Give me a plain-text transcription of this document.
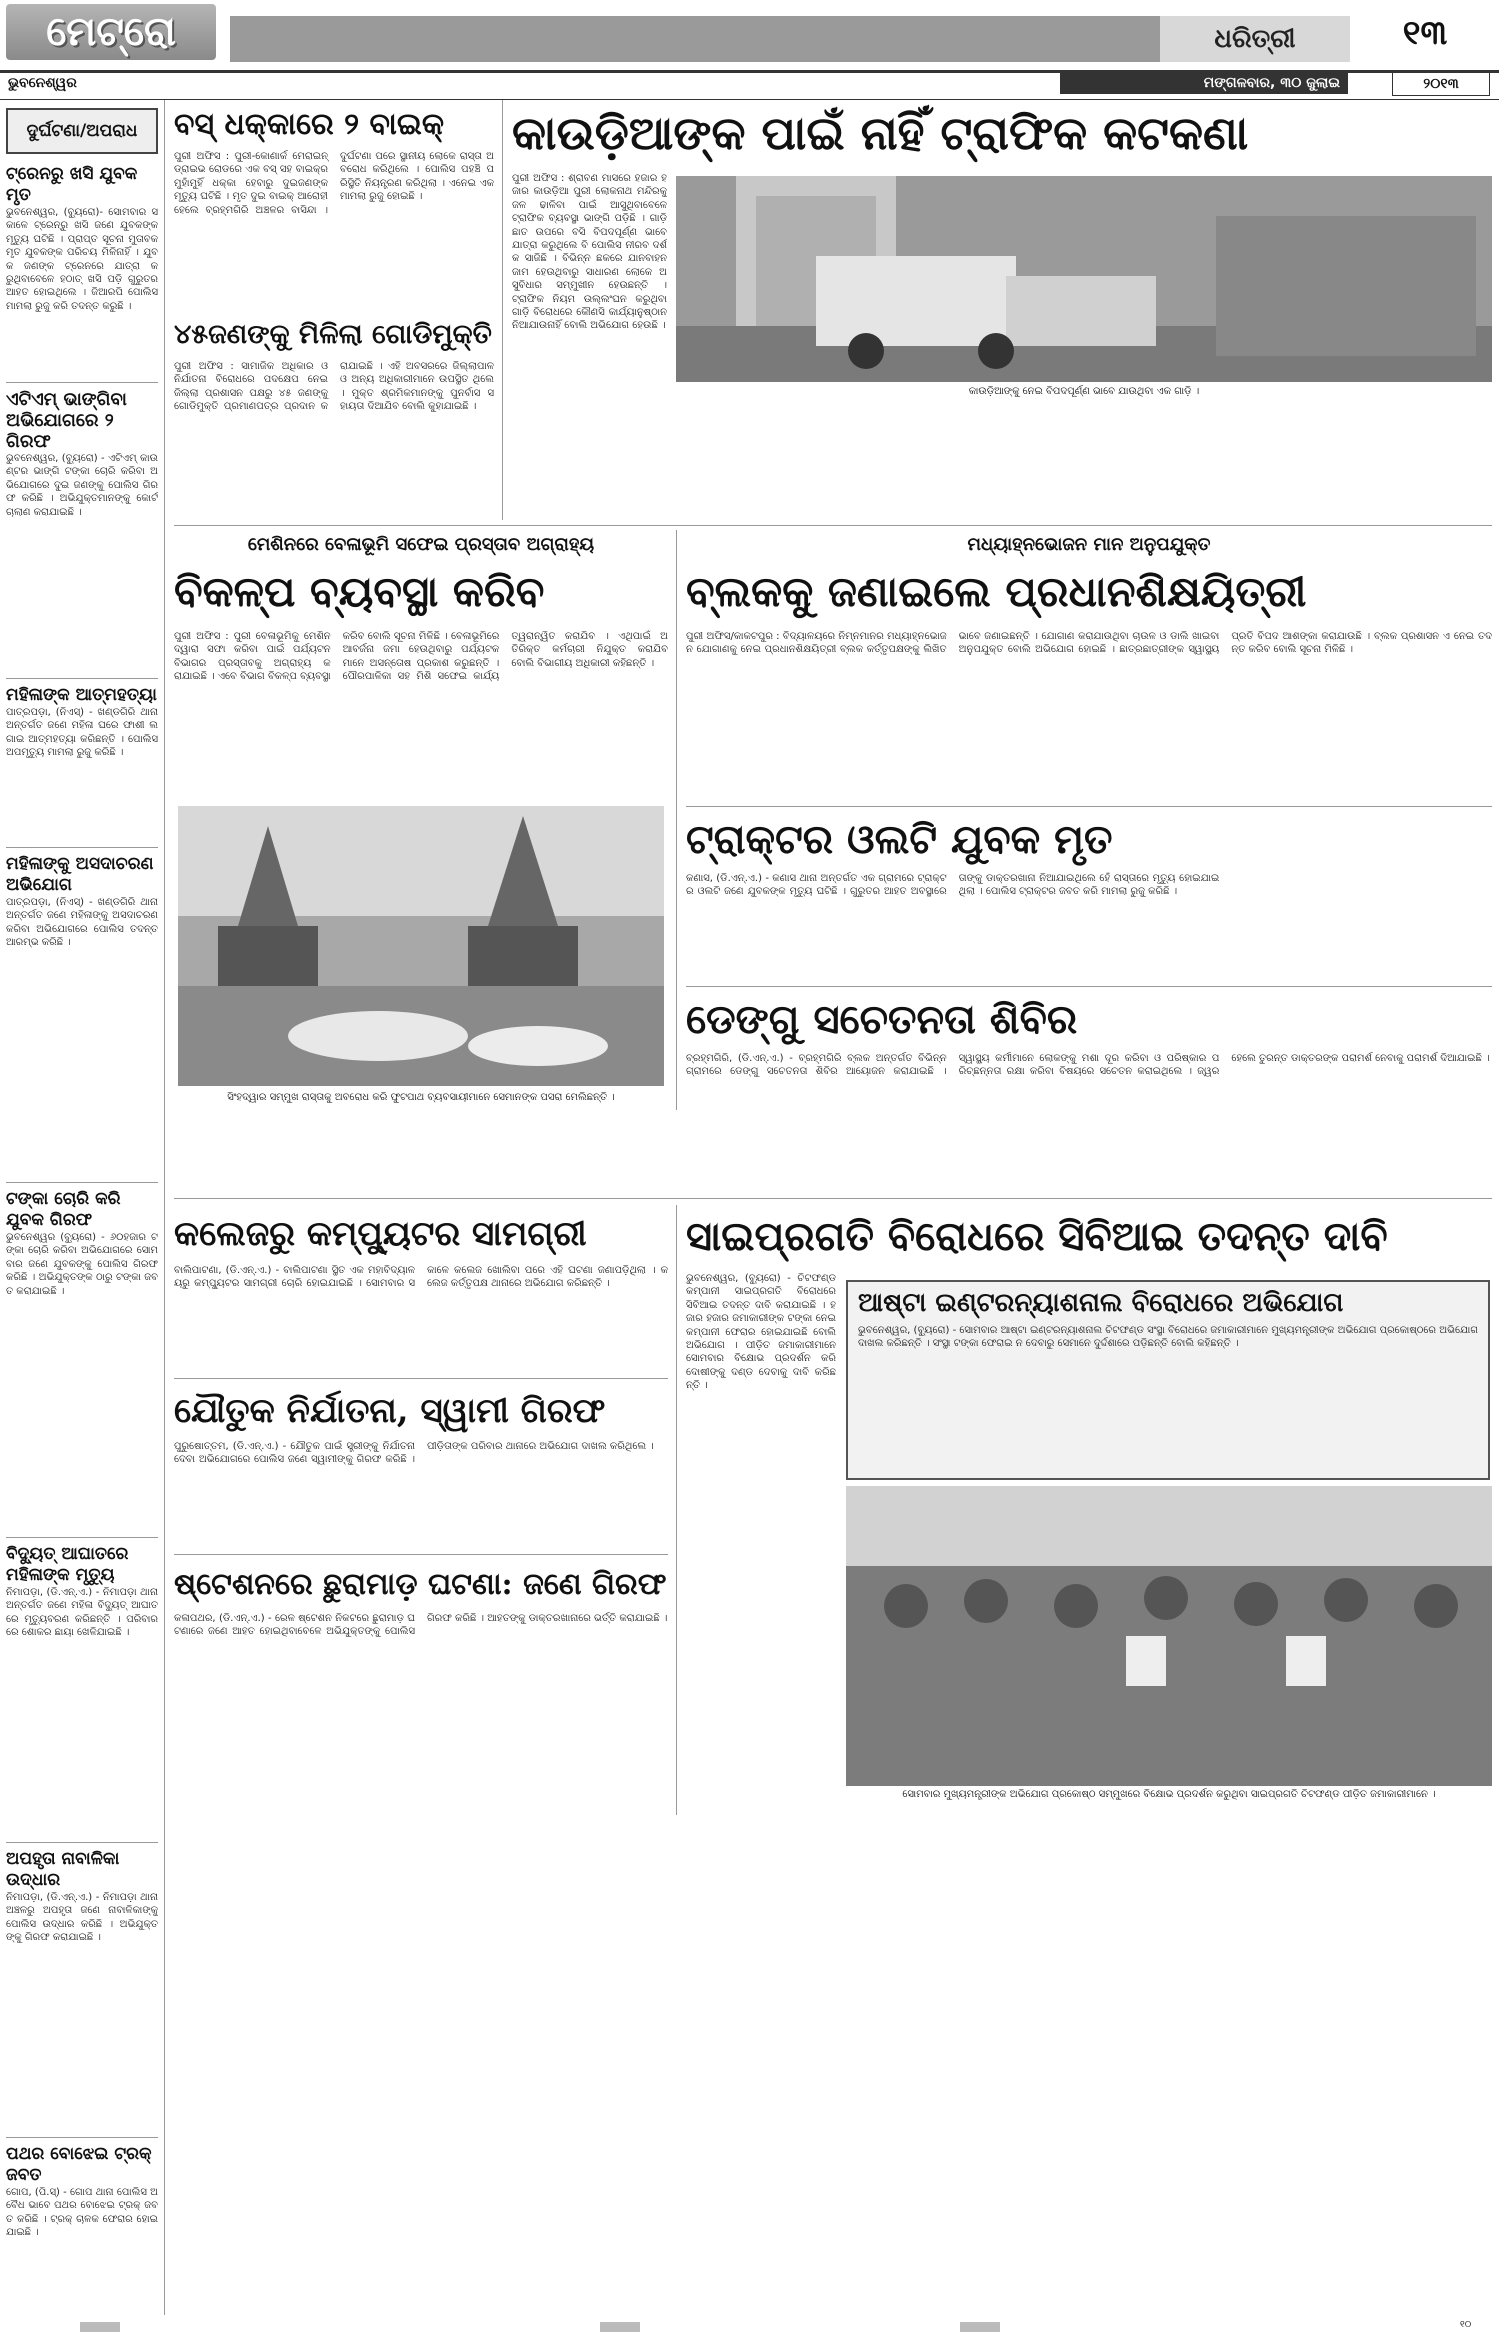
ମେଟ୍ରୋ	ଧରିତ୍ରୀ	୧୩
ଭୁବନେଶ୍ୱର	ମଙ୍ଗଳବାର, ୩୦ ଜୁଲାଇ	୨୦୧୩
ଦୁର୍ଘଟଣା/ଅପରାଧ
ଟ୍ରେନରୁ ଖସି ଯୁବକ ମୃତ
ଭୁବନେଶ୍ୱର, (ବ୍ୟୁରୋ)- ସୋମବାର ସକାଳେ ଟ୍ରେନ୍‌ରୁ ଖସି ଜଣେ ଯୁବକଙ୍କ ମୃତ୍ୟୁ ଘଟିଛି । ପ୍ରାପ୍ତ ସୂଚନା ମୁତାବକ ମୃତ ଯୁବକଙ୍କ ପରିଚୟ ମିଳିନାହିଁ । ଯୁବକ ଜଣଙ୍କ ଟ୍ରେନରେ ଯାତ୍ରା କରୁଥିବାବେଳେ ହଠାତ୍ ଖସି ପଡ଼ି ଗୁରୁତର ଆହତ ହୋଇଥିଲେ । ଜିଆରପି ପୋଲିସ ମାମଲା ରୁଜୁ କରି ତଦନ୍ତ କରୁଛି ।
ଏଟିଏମ୍ ଭାଙ୍ଗିବା ଅଭିଯୋଗରେ ୨ ଗିରଫ
ଭୁବନେଶ୍ୱର, (ବ୍ୟୁରୋ) - ଏଟିଏମ୍ କାଉଣ୍ଟର ଭାଙ୍ଗି ଟଙ୍କା ଚୋରି କରିବା ଅଭିଯୋଗରେ ଦୁଇ ଜଣଙ୍କୁ ପୋଲିସ ଗିରଫ କରିଛି । ଅଭିଯୁକ୍ତମାନଙ୍କୁ କୋର୍ଟ ଚାଲାଣ କରାଯାଇଛି ।
ମହିଳାଙ୍କ ଆତ୍ମହତ୍ୟା
ପାତ୍ରପଡ଼ା, (ନିଏସ୍) - ଖଣ୍ଡଗିରି ଥାନା ଅନ୍ତର୍ଗତ ଜଣେ ମହିଳା ଘରେ ଫାଶୀ ଲଗାଇ ଆତ୍ମହତ୍ୟା କରିଛନ୍ତି । ପୋଲିସ ଅପମୃତ୍ୟୁ ମାମଲା ରୁଜୁ କରିଛି ।
ମହିଳାଙ୍କୁ ଅସଦାଚରଣ ଅଭିଯୋଗ
ପାତ୍ରପଡ଼ା, (ନିଏସ୍) - ଖଣ୍ଡଗିରି ଥାନା ଅନ୍ତର୍ଗତ ଜଣେ ମହିଳାଙ୍କୁ ଅସଦାଚରଣ କରିବା ଅଭିଯୋଗରେ ପୋଲିସ ତଦନ୍ତ ଆରମ୍ଭ କରିଛି ।
ଟଙ୍କା ଚୋରି କରି ଯୁବକ ଗିରଫ
ଭୁବନେଶ୍ୱର (ବ୍ୟୁରୋ) - ୬୦ହଜାର ଟଙ୍କା ଚୋରି କରିବା ଅଭିଯୋଗରେ ସୋମବାର ଜଣେ ଯୁବକଙ୍କୁ ପୋଲିସ ଗିରଫ କରିଛି । ଅଭିଯୁକ୍ତଙ୍କ ଠାରୁ ଟଙ୍କା ଜବତ କରାଯାଇଛି ।
ବିଦ୍ୟୁତ୍ ଆଘାତରେ ମହିଳାଙ୍କ ମୃତ୍ୟୁ
ନିମାପଡ଼ା, (ଡି.ଏନ୍.ଏ.) - ନିମାପଡ଼ା ଥାନା ଅନ୍ତର୍ଗତ ଜଣେ ମହିଳା ବିଦ୍ୟୁତ୍ ଆଘାତରେ ମୃତ୍ୟୁବରଣ କରିଛନ୍ତି । ପରିବାରରେ ଶୋକର ଛାୟା ଖେଳିଯାଇଛି ।
ଅପହୃତା ନାବାଳିକା ଉଦ୍ଧାର
ନିମାପଡ଼ା, (ଡି.ଏନ୍.ଏ.) - ନିମାପଡ଼ା ଥାନା ଅଞ୍ଚଳରୁ ଅପହୃତା ଜଣେ ନାବାଳିକାଙ୍କୁ ପୋଲିସ ଉଦ୍ଧାର କରିଛି । ଅଭିଯୁକ୍ତଙ୍କୁ ଗିରଫ କରାଯାଇଛି ।
ପଥର ବୋଝେଇ ଟ୍ରକ୍ ଜବତ
ଗୋପ, (ପି.ସ୍) - ଗୋପ ଥାନା ପୋଲିସ ଅବୈଧ ଭାବେ ପଥର ବୋଝେଇ ଟ୍ରକ୍ ଜବତ କରିଛି । ଟ୍ରକ୍ ଚାଳକ ଫେରାର ହୋଇଯାଇଛି ।
ବସ୍ ଧକ୍କାରେ ୨ ବାଇକ୍
ପୁରୀ ଅଫିସ : ପୁରୀ-କୋଣାର୍କ ମେରାଇନ୍ ଡ୍ରାଇଭ ରୋଡରେ ଏକ ବସ୍ ସହ ବାଇକ୍‌ର ମୁହାଁମୁହିଁ ଧକ୍କା ହେବାରୁ ଦୁଇଜଣଙ୍କ ମୃତ୍ୟୁ ଘଟିଛି । ମୃତ ଦୁଇ ବାଇକ୍ ଆରୋହୀ ହେଲେ ବ୍ରହ୍ମଗିରି ଅଞ୍ଚଳର ବାସିନ୍ଦା । ଦୁର୍ଘଟଣା ପରେ ସ୍ଥାନୀୟ ଲୋକେ ରାସ୍ତା ଅବରୋଧ କରିଥିଲେ । ପୋଲିସ ପହଞ୍ଚି ପରିସ୍ଥିତି ନିୟନ୍ତ୍ରଣ କରିଥିଲା । ଏନେଇ ଏକ ମାମଲା ରୁଜୁ ହୋଇଛି ।
୪୫ଜଣଙ୍କୁ ମିଳିଲା ଗୋଡିମୁକ୍ତି
ପୁରୀ ଅଫିସ : ସାମାଜିକ ଅଧିକାର ଓ ନିର୍ଯାତନା ବିରୋଧରେ ପଦକ୍ଷେପ ନେଇ ଜିଲ୍ଲା ପ୍ରଶାସନ ପକ୍ଷରୁ ୪୫ ଜଣଙ୍କୁ ଗୋଡିମୁକ୍ତି ପ୍ରମାଣପତ୍ର ପ୍ରଦାନ କରାଯାଇଛି । ଏହି ଅବସରରେ ଜିଲ୍ଲାପାଳ ଓ ଅନ୍ୟ ଅଧିକାରୀମାନେ ଉପସ୍ଥିତ ଥିଲେ । ମୁକ୍ତ ଶ୍ରମିକମାନଙ୍କୁ ପୁନର୍ବାସ ସହାୟତା ଦିଆଯିବ ବୋଲି କୁହାଯାଇଛି ।
କାଉଡ଼ିଆଙ୍କ ପାଇଁ ନାହିଁ ଟ୍ରାଫିକ କଟକଣା
ପୁରୀ ଅଫିସ : ଶ୍ରାବଣ ମାସରେ ହଜାର ହଜାର କାଉଡ଼ିଆ ପୁରୀ ଲୋକନାଥ ମନ୍ଦିରକୁ ଜଳ ଢାଳିବା ପାଇଁ ଆସୁଥିବାବେଳେ ଟ୍ରାଫିକ ବ୍ୟବସ୍ଥା ଭାଙ୍ଗି ପଡ଼ିଛି । ଗାଡ଼ି ଛାତ ଉପରେ ବସି ବିପଦପୂର୍ଣ୍ଣ ଭାବେ ଯାତ୍ରା କରୁଥିଲେ ବି ପୋଲିସ ନୀରବ ଦର୍ଶକ ସାଜିଛି । ବିଭିନ୍ନ ଛକରେ ଯାନବାହନ ଜାମ ହେଉଥିବାରୁ ସାଧାରଣ ଲୋକେ ଅସୁବିଧାର ସମ୍ମୁଖୀନ ହେଉଛନ୍ତି । ଟ୍ରାଫିକ ନିୟମ ଉଲ୍ଲଂଘନ କରୁଥିବା ଗାଡ଼ି ବିରୋଧରେ କୌଣସି କାର୍ଯ୍ୟାନୁଷ୍ଠାନ ନିଆଯାଉନାହିଁ ବୋଲି ଅଭିଯୋଗ ହେଉଛି ।
କାଉଡ଼ିଆଙ୍କୁ ନେଇ ବିପଦପୂର୍ଣ୍ଣ ଭାବେ ଯାଉଥିବା ଏକ ଗାଡ଼ି ।
ମେଶିନରେ ବେଳାଭୂମି ସଫେଇ ପ୍ରସ୍ତାବ ଅଗ୍ରାହ୍ୟ
ବିକଳ୍ପ ବ୍ୟବସ୍ଥା କରିବ
ପୁରୀ ଅଫିସ : ପୁରୀ ବେଳାଭୂମିକୁ ମେଶିନ ଦ୍ୱାରା ସଫା କରିବା ପାଇଁ ପର୍ଯ୍ୟଟନ ବିଭାଗର ପ୍ରସ୍ତାବକୁ ଅଗ୍ରାହ୍ୟ କରାଯାଇଛି । ଏବେ ବିଭାଗ ବିକଳ୍ପ ବ୍ୟବସ୍ଥା କରିବ ବୋଲି ସୂଚନା ମିଳିଛି । ବେଳାଭୂମିରେ ଆବର୍ଜନା ଜମା ହେଉଥିବାରୁ ପର୍ଯ୍ୟଟକମାନେ ଅସନ୍ତୋଷ ପ୍ରକାଶ କରୁଛନ୍ତି । ପୌରପାଳିକା ସହ ମିଶି ସଫେଇ କାର୍ଯ୍ୟ ତ୍ୱରାନ୍ୱିତ କରାଯିବ । ଏଥିପାଇଁ ଅତିରିକ୍ତ କର୍ମଚାରୀ ନିଯୁକ୍ତ କରାଯିବ ବୋଲି ବିଭାଗୀୟ ଅଧିକାରୀ କହିଛନ୍ତି ।
ସିଂହଦ୍ୱାର ସମ୍ମୁଖ ରାସ୍ତାକୁ ଅବରୋଧ କରି ଫୁଟପାଥ ବ୍ୟବସାୟୀମାନେ ସେମାନଙ୍କ ପସରା ମେଲିଛନ୍ତି ।
ମଧ୍ୟାହ୍ନଭୋଜନ ମାନ ଅନୁପଯୁକ୍ତ
ବ୍ଲକକୁ ଜଣାଇଲେ ପ୍ରଧାନଶିକ୍ଷୟିତ୍ରୀ
ପୁରୀ ଅଫିସ/କାକଟପୁର : ବିଦ୍ୟାଳୟରେ ନିମ୍ନମାନର ମଧ୍ୟାହ୍ନଭୋଜନ ଯୋଗାଣକୁ ନେଇ ପ୍ରଧାନଶିକ୍ଷୟିତ୍ରୀ ବ୍ଲକ କର୍ତ୍ତୃପକ୍ଷଙ୍କୁ ଲିଖିତ ଭାବେ ଜଣାଇଛନ୍ତି । ଯୋଗାଣ କରାଯାଉଥିବା ଚାଉଳ ଓ ଡାଲି ଖାଇବା ଅନୁପଯୁକ୍ତ ବୋଲି ଅଭିଯୋଗ ହୋଇଛି । ଛାତ୍ରଛାତ୍ରୀଙ୍କ ସ୍ୱାସ୍ଥ୍ୟ ପ୍ରତି ବିପଦ ଆଶଙ୍କା କରାଯାଉଛି । ବ୍ଲକ ପ୍ରଶାସନ ଏ ନେଇ ତଦନ୍ତ କରିବ ବୋଲି ସୂଚନା ମିଳିଛି ।
ଟ୍ରାକ୍ଟର ଓଲଟି ଯୁବକ ମୃତ
କଣାସ, (ଡି.ଏନ୍.ଏ.) - କଣାସ ଥାନା ଅନ୍ତର୍ଗତ ଏକ ଗ୍ରାମରେ ଟ୍ରାକ୍ଟର ଓଲଟି ଜଣେ ଯୁବକଙ୍କ ମୃତ୍ୟୁ ଘଟିଛି । ଗୁରୁତର ଆହତ ଅବସ୍ଥାରେ ତାଙ୍କୁ ଡାକ୍ତରଖାନା ନିଆଯାଇଥିଲେ ହେଁ ରାସ୍ତାରେ ମୃତ୍ୟୁ ହୋଇଯାଇଥିଲା । ପୋଲିସ ଟ୍ରାକ୍ଟର ଜବତ କରି ମାମଲା ରୁଜୁ କରିଛି ।
ଡେଙ୍ଗୁ ସଚେତନତା ଶିବିର
ବ୍ରହ୍ମଗିରି, (ଡି.ଏନ୍.ଏ.) - ବ୍ରହ୍ମଗିରି ବ୍ଲକ ଅନ୍ତର୍ଗତ ବିଭିନ୍ନ ଗ୍ରାମରେ ଡେଙ୍ଗୁ ସଚେତନତା ଶିବିର ଆୟୋଜନ କରାଯାଇଛି । ସ୍ୱାସ୍ଥ୍ୟ କର୍ମୀମାନେ ଲୋକଙ୍କୁ ମଶା ଦୂର କରିବା ଓ ପରିଷ୍କାର ପରିଚ୍ଛନ୍ନତା ରକ୍ଷା କରିବା ବିଷୟରେ ସଚେତନ କରାଇଥିଲେ । ଜ୍ୱର ହେଲେ ତୁରନ୍ତ ଡାକ୍ତରଙ୍କ ପରାମର୍ଶ ନେବାକୁ ପରାମର୍ଶ ଦିଆଯାଇଛି ।
କଲେଜରୁ କମ୍ପ୍ୟୁଟର ସାମଗ୍ରୀ
ବାଲିପାଟଣା, (ଡି.ଏନ୍.ଏ.) - ବାଲିପାଟଣା ସ୍ଥିତ ଏକ ମହାବିଦ୍ୟାଳୟରୁ କମ୍ପ୍ୟୁଟର ସାମଗ୍ରୀ ଚୋରି ହୋଇଯାଇଛି । ସୋମବାର ସକାଳେ କଲେଜ ଖୋଲିବା ପରେ ଏହି ଘଟଣା ଜଣାପଡ଼ିଥିଲା । କଲେଜ କର୍ତ୍ତୃପକ୍ଷ ଥାନାରେ ଅଭିଯୋଗ କରିଛନ୍ତି ।
ଯୌତୁକ ନିର୍ଯାତନା, ସ୍ୱାମୀ ଗିରଫ
ପୁରୁଷୋତ୍ତମ, (ଡି.ଏନ୍.ଏ.) - ଯୌତୁକ ପାଇଁ ସ୍ତ୍ରୀଙ୍କୁ ନିର୍ଯାତନା ଦେବା ଅଭିଯୋଗରେ ପୋଲିସ ଜଣେ ସ୍ୱାମୀଙ୍କୁ ଗିରଫ କରିଛି । ପୀଡ଼ିତାଙ୍କ ପରିବାର ଥାନାରେ ଅଭିଯୋଗ ଦାଖଲ କରିଥିଲେ ।
ଷ୍ଟେଶନରେ ଛୁରାମାଡ଼ ଘଟଣା: ଜଣେ ଗିରଫ
କଳାପଥର, (ଡି.ଏନ୍.ଏ.) - ରେଳ ଷ୍ଟେଶନ ନିକଟରେ ଛୁରାମାଡ଼ ଘଟଣାରେ ଜଣେ ଆହତ ହୋଇଥିବାବେଳେ ଅଭିଯୁକ୍ତଙ୍କୁ ପୋଲିସ ଗିରଫ କରିଛି । ଆହତଙ୍କୁ ଡାକ୍ତରଖାନାରେ ଭର୍ତ୍ତି କରାଯାଇଛି ।
ସାଇପ୍ରଗତି ବିରୋଧରେ ସିବିଆଇ ତଦନ୍ତ ଦାବି
ଭୁବନେଶ୍ୱର, (ବ୍ୟୁରୋ) - ଚିଟଫଣ୍ଡ କମ୍ପାନୀ ସାଇପ୍ରଗତି ବିରୋଧରେ ସିବିଆଇ ତଦନ୍ତ ଦାବି କରାଯାଇଛି । ହଜାର ହଜାର ଜମାକାରୀଙ୍କ ଟଙ୍କା ନେଇ କମ୍ପାନୀ ଫେରାର ହୋଇଯାଇଛି ବୋଲି ଅଭିଯୋଗ । ପୀଡ଼ିତ ଜମାକାରୀମାନେ ସୋମବାର ବିକ୍ଷୋଭ ପ୍ରଦର୍ଶନ କରି ଦୋଷୀଙ୍କୁ ଦଣ୍ଡ ଦେବାକୁ ଦାବି କରିଛନ୍ତି ।
ଆଷ୍ଟା ଇଣ୍ଟରନ୍ୟାଶନାଲ ବିରୋଧରେ ଅଭିଯୋଗ
ଭୁବନେଶ୍ୱର, (ବ୍ୟୁରୋ) - ସୋମବାର ଆଷ୍ଟା ଇଣ୍ଟରନ୍ୟାଶନାଲ ଚିଟଫଣ୍ଡ ସଂସ୍ଥା ବିରୋଧରେ ଜମାକାରୀମାନେ ମୁଖ୍ୟମନ୍ତ୍ରୀଙ୍କ ଅଭିଯୋଗ ପ୍ରକୋଷ୍ଠରେ ଅଭିଯୋଗ ଦାଖଲ କରିଛନ୍ତି । ସଂସ୍ଥା ଟଙ୍କା ଫେରାଇ ନ ଦେବାରୁ ସେମାନେ ଦୁର୍ଦ୍ଦଶାରେ ପଡ଼ିଛନ୍ତି ବୋଲି କହିଛନ୍ତି ।
ସୋମବାର ମୁଖ୍ୟମନ୍ତ୍ରୀଙ୍କ ଅଭିଯୋଗ ପ୍ରକୋଷ୍ଠ ସମ୍ମୁଖରେ ବିକ୍ଷୋଭ ପ୍ରଦର୍ଶନ କରୁଥିବା ସାଇପ୍ରଗତି ଚିଟଫଣ୍ଡ ପୀଡ଼ିତ ଜମାକାରୀମାନେ ।
୧୦
